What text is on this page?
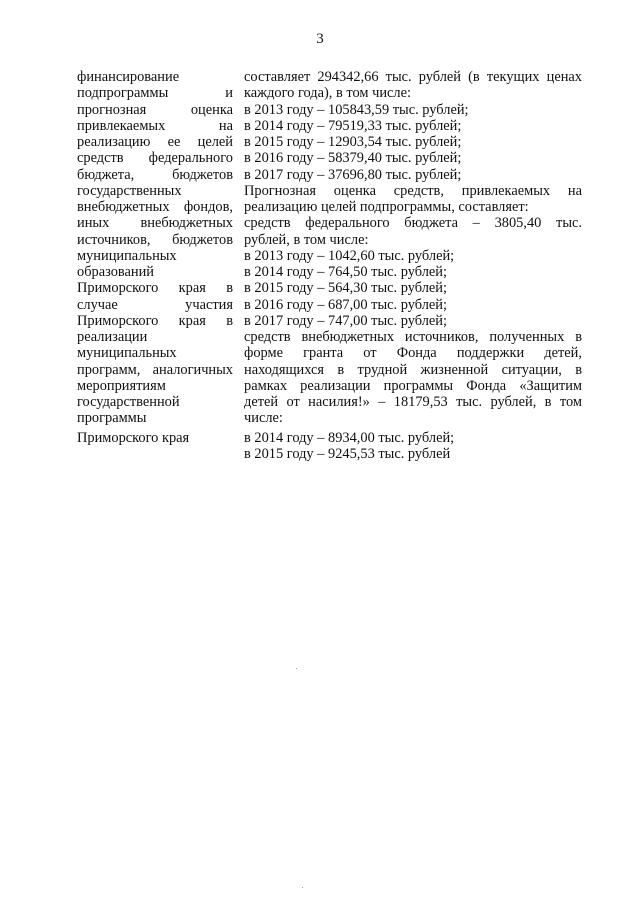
3
финансирование
подпрограммы и
прогнозная оценка
привлекаемых на
реализацию ее целей
средств федерального
бюджета, бюджетов
государственных
внебюджетных фондов,
иных внебюджетных
источников, бюджетов
муниципальных
образований
Приморского края в
случае участия
Приморского края в
реализации
муниципальных
программ, аналогичных
мероприятиям
государственной
программы
Приморского края
составляет 294342,66 тыс. рублей (в текущих ценах
каждого года), в том числе:
в 2013 году – 105843,59 тыс. рублей;
в 2014 году – 79519,33 тыс. рублей;
в 2015 году – 12903,54 тыс. рублей;
в 2016 году – 58379,40 тыс. рублей;
в 2017 году – 37696,80 тыс. рублей;
Прогнозная оценка средств, привлекаемых на
реализацию целей подпрограммы, составляет:
средств федерального бюджета – 3805,40 тыс.
рублей, в том числе:
в 2013 году – 1042,60 тыс. рублей;
в 2014 году – 764,50 тыс. рублей;
в 2015 году – 564,30 тыс. рублей;
в 2016 году – 687,00 тыс. рублей;
в 2017 году – 747,00 тыс. рублей;
средств внебюджетных источников, полученных в
форме гранта от Фонда поддержки детей,
находящихся в трудной жизненной ситуации, в
рамках реализации программы Фонда «Защитим
детей от насилия!» – 18179,53 тыс. рублей, в том
числе:
в 2014 году – 8934,00 тыс. рублей;
в 2015 году – 9245,53 тыс. рублей
